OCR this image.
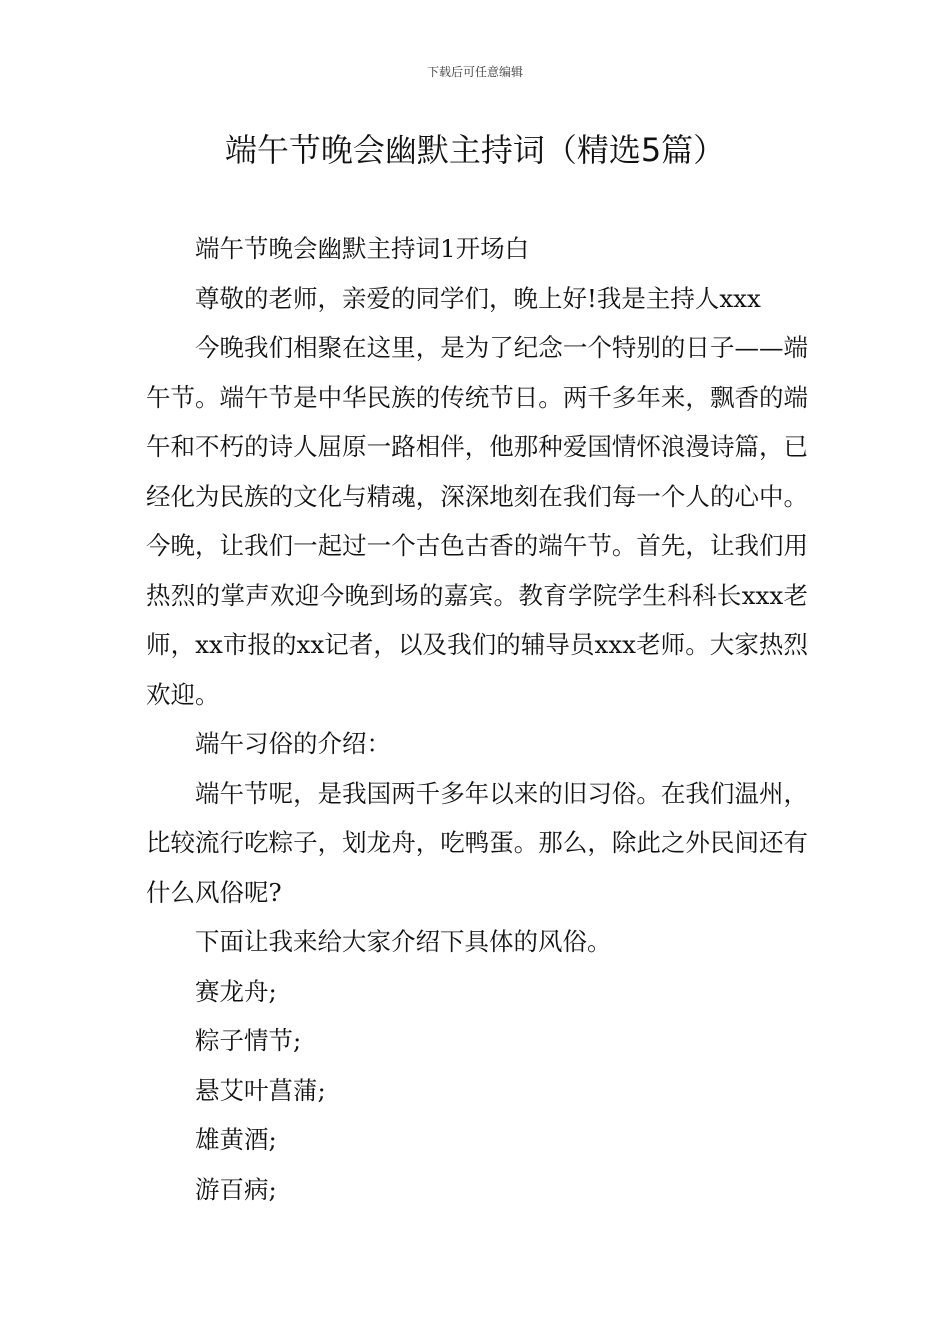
下载后可任意编辑
端午节晚会幽默主持词（精选5篇）

端午节晚会幽默主持词1开场白

尊敬的老师，亲爱的同学们，晚上好!我是主持人xxx

今晚我们相聚在这里，是为了纪念一个特别的日子——端午节。端午节是中华民族的传统节日。两千多年来，飘香的端午和不朽的诗人屈原一路相伴，他那种爱国情怀浪漫诗篇，已经化为民族的文化与精魂，深深地刻在我们每一个人的心中。今晚，让我们一起过一个古色古香的端午节。首先，让我们用热烈的掌声欢迎今晚到场的嘉宾。教育学院学生科科长xxx老师，xx市报的xx记者，以及我们的辅导员xxx老师。大家热烈欢迎。

端午习俗的介绍：

端午节呢，是我国两千多年以来的旧习俗。在我们温州，比较流行吃粽子，划龙舟，吃鸭蛋。那么，除此之外民间还有什么风俗呢?

下面让我来给大家介绍下具体的风俗。

赛龙舟;

粽子情节;

悬艾叶菖蒲;

雄黄酒;

游百病;
